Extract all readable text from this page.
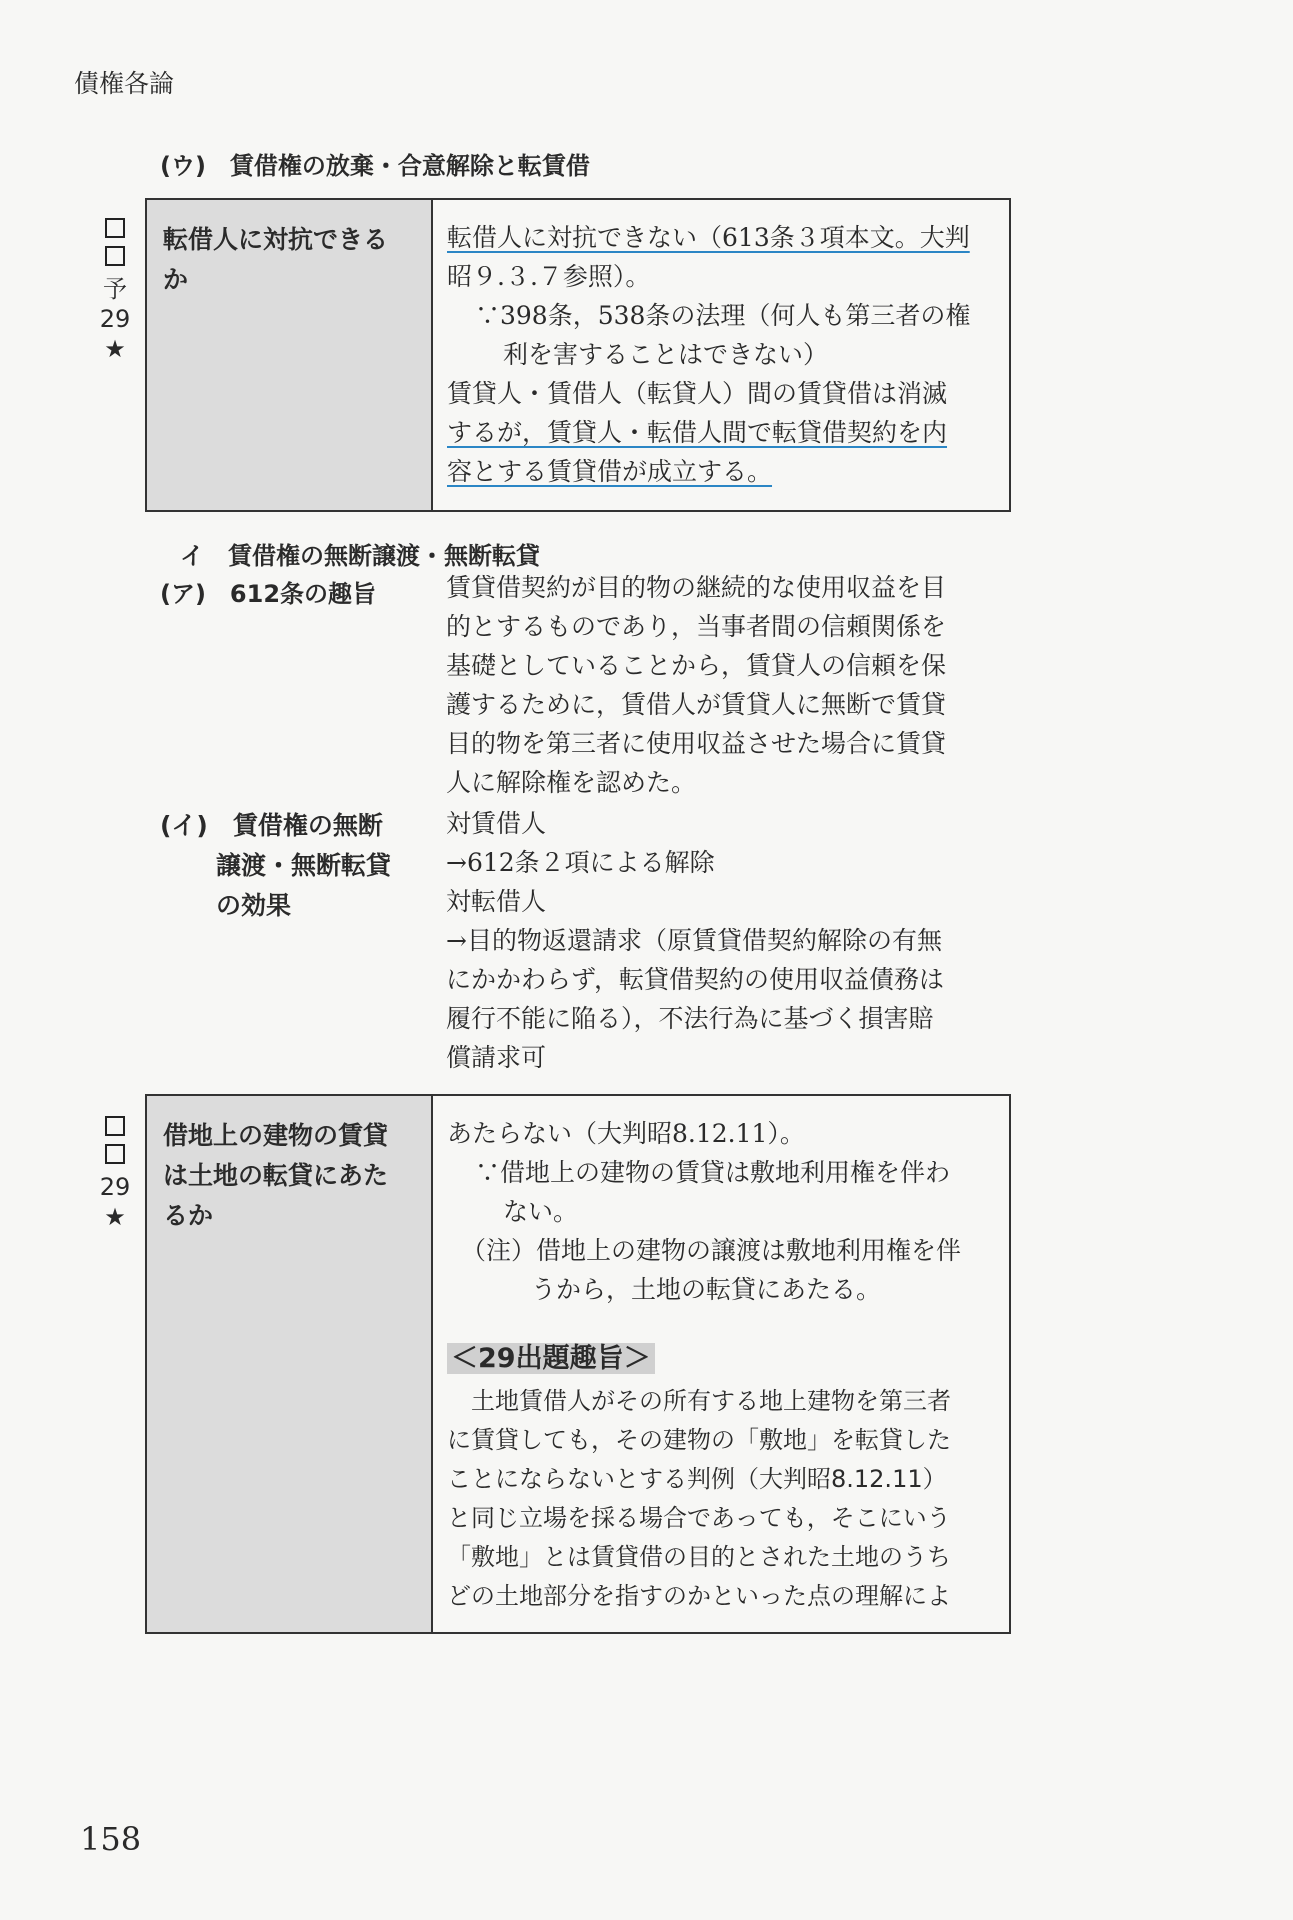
債権各論
(ウ)　賃借権の放棄・合意解除と転賃借
予
29
★
転借人に対抗できる
か
転借人に対抗できない（613条３項本文。大判
昭９.３.７参照）。
∵398条，538条の法理（何人も第三者の権
利を害することはできない）
賃貸人・賃借人（転貸人）間の賃貸借は消滅
するが，賃貸人・転借人間で転貸借契約を内
容とする賃貸借が成立する。
イ　賃借権の無断譲渡・無断転貸
(ア)　612条の趣旨	賃貸借契約が目的物の継続的な使用収益を目
的とするものであり，当事者間の信頼関係を
基礎としていることから，賃貸人の信頼を保
護するために，賃借人が賃貸人に無断で賃貸
目的物を第三者に使用収益させた場合に賃貸
人に解除権を認めた。
(イ)　賃借権の無断
譲渡・無断転貸
の効果
対賃借人
→612条２項による解除
対転借人
→目的物返還請求（原賃貸借契約解除の有無
にかかわらず，転貸借契約の使用収益債務は
履行不能に陥る），不法行為に基づく損害賠
償請求可
29
★
借地上の建物の賃貸
は土地の転貸にあた
るか
あたらない（大判昭8.12.11）。
∵借地上の建物の賃貸は敷地利用権を伴わ
ない。
（注）借地上の建物の譲渡は敷地利用権を伴
うから，土地の転貸にあたる。
＜29出題趣旨＞
　土地賃借人がその所有する地上建物を第三者
に賃貸しても，その建物の「敷地」を転貸した
ことにならないとする判例（大判昭8.12.11）
と同じ立場を採る場合であっても，そこにいう
「敷地」とは賃貸借の目的とされた土地のうち
どの土地部分を指すのかといった点の理解によ
158
